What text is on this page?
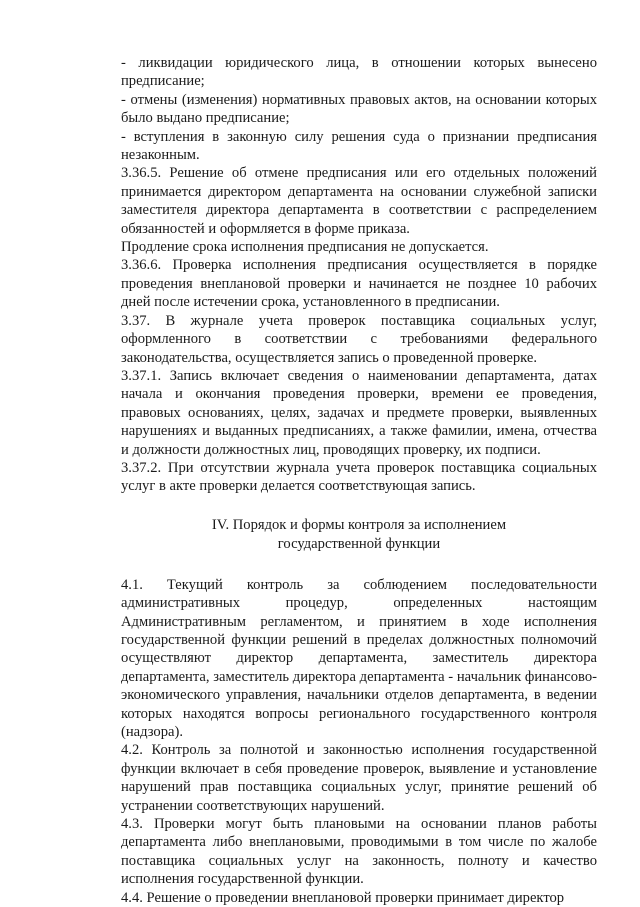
- ликвидации юридического лица, в отношении которых вынесено предписание;

- отмены (изменения) нормативных правовых актов, на основании которых было выдано предписание;

- вступления в законную силу решения суда о признании предписания незаконным.

3.36.5. Решение об отмене предписания или его отдельных положений принимается директором департамента на основании служебной записки заместителя директора департамента в соответствии с распределением обязанностей и оформляется в форме приказа.

Продление срока исполнения предписания не допускается.

3.36.6. Проверка исполнения предписания осуществляется в порядке проведения внеплановой проверки и начинается не позднее 10 рабочих дней после истечении срока, установленного в предписании.

3.37. В журнале учета проверок поставщика социальных услуг, оформленного в соответствии с требованиями федерального законодательства, осуществляется запись о проведенной проверке.

3.37.1. Запись включает сведения о наименовании департамента, датах начала и окончания проведения проверки, времени ее проведения, правовых основаниях, целях, задачах и предмете проверки, выявленных нарушениях и выданных предписаниях, а также фамилии, имена, отчества и должности должностных лиц, проводящих проверку, их подписи.

3.37.2. При отсутствии журнала учета проверок поставщика социальных услуг в акте проверки делается соответствующая запись.

IV. Порядок и формы контроля за исполнением
государственной функции

4.1. Текущий контроль за соблюдением последовательности административных процедур, определенных настоящим Административным регламентом, и принятием в ходе исполнения государственной функции решений в пределах должностных полномочий осуществляют директор департамента, заместитель директора департамента, заместитель директора департамента - начальник финансово-экономического управления, начальники отделов департамента, в ведении которых находятся вопросы регионального государственного контроля (надзора).

4.2. Контроль за полнотой и законностью исполнения государственной функции включает в себя проведение проверок, выявление и установление нарушений прав поставщика социальных услуг, принятие решений об устранении соответствующих нарушений.

4.3. Проверки могут быть плановыми на основании планов работы департамента либо внеплановыми, проводимыми в том числе по жалобе поставщика социальных услуг на законность, полноту и качество исполнения государственной функции.

4.4. Решение о проведении внеплановой проверки принимает директор
